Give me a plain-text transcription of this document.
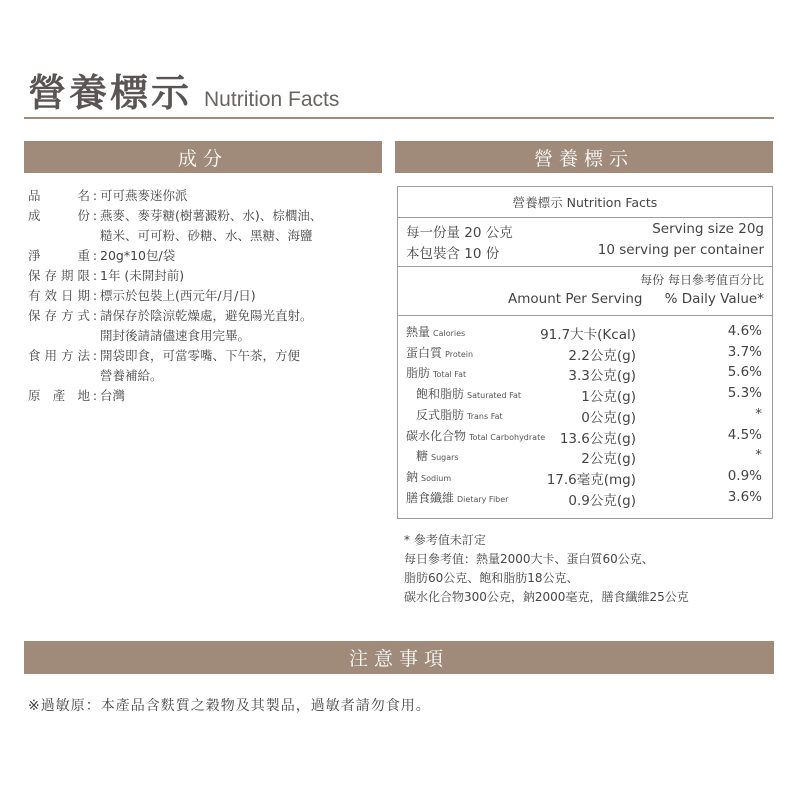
營養標示 Nutrition Facts
成分	營養標示
品　名 : 可可燕麥迷你派
成　份 : 燕麥、麥芽糖(樹薯澱粉、水)、棕櫚油、
糙米、可可粉、砂糖、水、黑糖、海鹽
淨　重 : 20g*10包/袋
保存期限 : 1年 (未開封前)
有效日期 : 標示於包裝上(西元年/月/日)
保存方式 : 請保存於陰涼乾燥處，避免陽光直射。
開封後請請儘速食用完畢。
食用方法 : 開袋即食，可當零嘴、下午茶，方便
營養補給。
原 產 地 : 台灣
營養標示 Nutrition Facts
每一份量 20 公克	Serving size 20g
本包裝含 10 份	10 serving per container
每份 每日參考值百分比
Amount Per Serving % Daily Value*
熱量 Calories	91.7大卡(Kcal)	4.6%
蛋白質 Protein	2.2公克(g)	3.7%
脂肪 Total Fat	3.3公克(g)	5.6%
飽和脂肪 Saturated Fat	1公克(g)	5.3%
反式脂肪 Trans Fat	0公克(g)	*
碳水化合物 Total Carbohydrate 13.6公克(g)	4.5%
糖 Sugars	2公克(g)	*
鈉 Sodium	17.6毫克(mg)	0.9%
膳食纖維 Dietary Fiber	0.9公克(g)	3.6%
* 參考值未訂定
每日參考值：熱量2000大卡、蛋白質60公克、
脂肪60公克、飽和脂肪18公克、
碳水化合物300公克，鈉2000毫克，膳食纖維25公克
注意事項
※過敏原：本產品含麩質之穀物及其製品，過敏者請勿食用。
